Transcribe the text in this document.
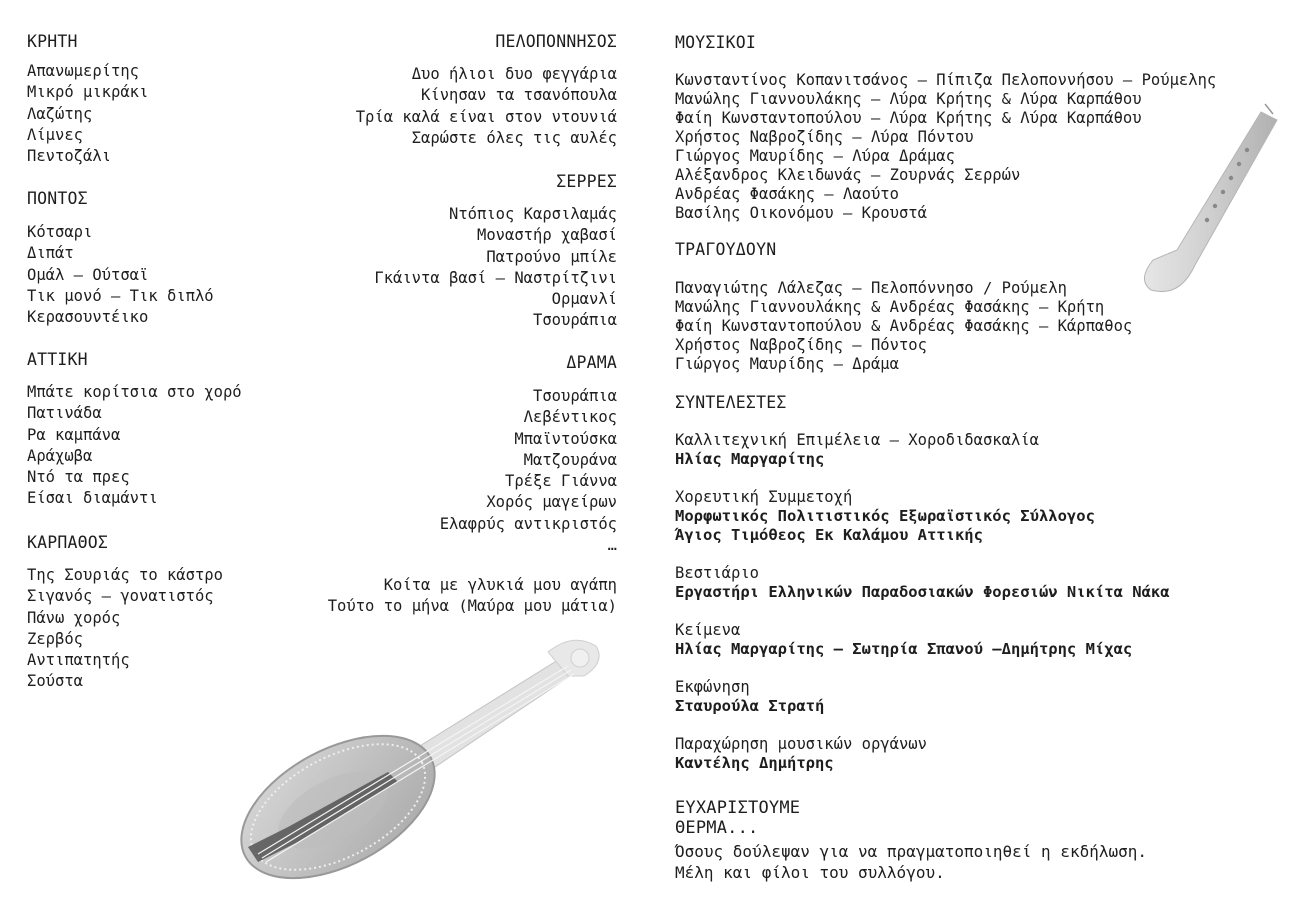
ΚΡΗΤΗ
Απανωμερίτης
Μικρό μικράκι
Λαζώτης
Λίμνες
Πεντοζάλι
ΠΟΝΤΟΣ
Κότσαρι
Διπάτ
Ομάλ – Ούτσαϊ
Τικ μονό – Τικ διπλό
Κερασουντέικο
ΑΤΤΙΚΗ
Μπάτε κορίτσια στο χορό
Πατινάδα
Ρα καμπάνα
Αράχωβα
Ντό τα πρες
Είσαι διαμάντι
ΚΑΡΠΑΘΟΣ
Της Σουριάς το κάστρο
Σιγανός – γονατιστός
Πάνω χορός
Ζερβός
Αντιπατητής
Σούστα
ΠΕΛΟΠΟΝΝΗΣΟΣ
Δυο ήλιοι δυο φεγγάρια
Κίνησαν τα τσανόπουλα
Τρία καλά είναι στον ντουνιά
Σαρώστε όλες τις αυλές
ΣΕΡΡΕΣ
Ντόπιος Καρσιλαμάς
Μοναστήρ χαβασί
Πατρούνο μπίλε
Γκάιντα βασί – Ναστρίτζινι
Ορμανλί
Τσουράπια
ΔΡΑΜΑ
Τσουράπια
Λεβέντικος
Μπαϊντούσκα
Ματζουράνα
Τρέξε Γιάννα
Χορός μαγείρων
Ελαφρύς αντικριστός
…
Κοίτα με γλυκιά μου αγάπη
Τούτο το μήνα (Μαύρα μου μάτια)
ΜΟΥΣΙΚΟΙ
Κωνσταντίνος Κοπανιτσάνος – Πίπιζα Πελοποννήσου – Ρούμελης
Μανώλης Γιαννουλάκης – Λύρα Κρήτης & Λύρα Καρπάθου
Φαίη Κωνσταντοπούλου – Λύρα Κρήτης & Λύρα Καρπάθου
Χρήστος Ναβροζίδης – Λύρα Πόντου
Γιώργος Μαυρίδης – Λύρα Δράμας
Αλέξανδρος Κλειδωνάς – Ζουρνάς Σερρών
Ανδρέας Φασάκης – Λαούτο
Βασίλης Οικονόμου – Κρουστά
ΤΡΑΓΟΥΔΟΥΝ
Παναγιώτης Λάλεζας – Πελοπόννησο / Ρούμελη
Μανώλης Γιαννουλάκης & Ανδρέας Φασάκης – Κρήτη
Φαίη Κωνσταντοπούλου & Ανδρέας Φασάκης – Κάρπαθος
Χρήστος Ναβροζίδης – Πόντος
Γιώργος Μαυρίδης – Δράμα
ΣΥΝΤΕΛΕΣΤΕΣ
Καλλιτεχνική Επιμέλεια – Χοροδιδασκαλία
Ηλίας Μαργαρίτης
Χορευτική Συμμετοχή
Μορφωτικός Πολιτιστικός Εξωραϊστικός Σύλλογος
Άγιος Τιμόθεος Εκ Καλάμου Αττικής
Βεστιάριο
Εργαστήρι Ελληνικών Παραδοσιακών Φορεσιών Νικίτα Νάκα
Κείμενα
Ηλίας Μαργαρίτης – Σωτηρία Σπανού –Δημήτρης Μίχας
Εκφώνηση
Σταυρούλα Στρατή
Παραχώρηση μουσικών οργάνων
Καντέλης Δημήτρης
ΕΥΧΑΡΙΣΤΟΥΜΕ ΘΕΡΜΑ...
Όσους δούλεψαν για να πραγματοποιηθεί η εκδήλωση.
Μέλη και φίλοι του συλλόγου.
